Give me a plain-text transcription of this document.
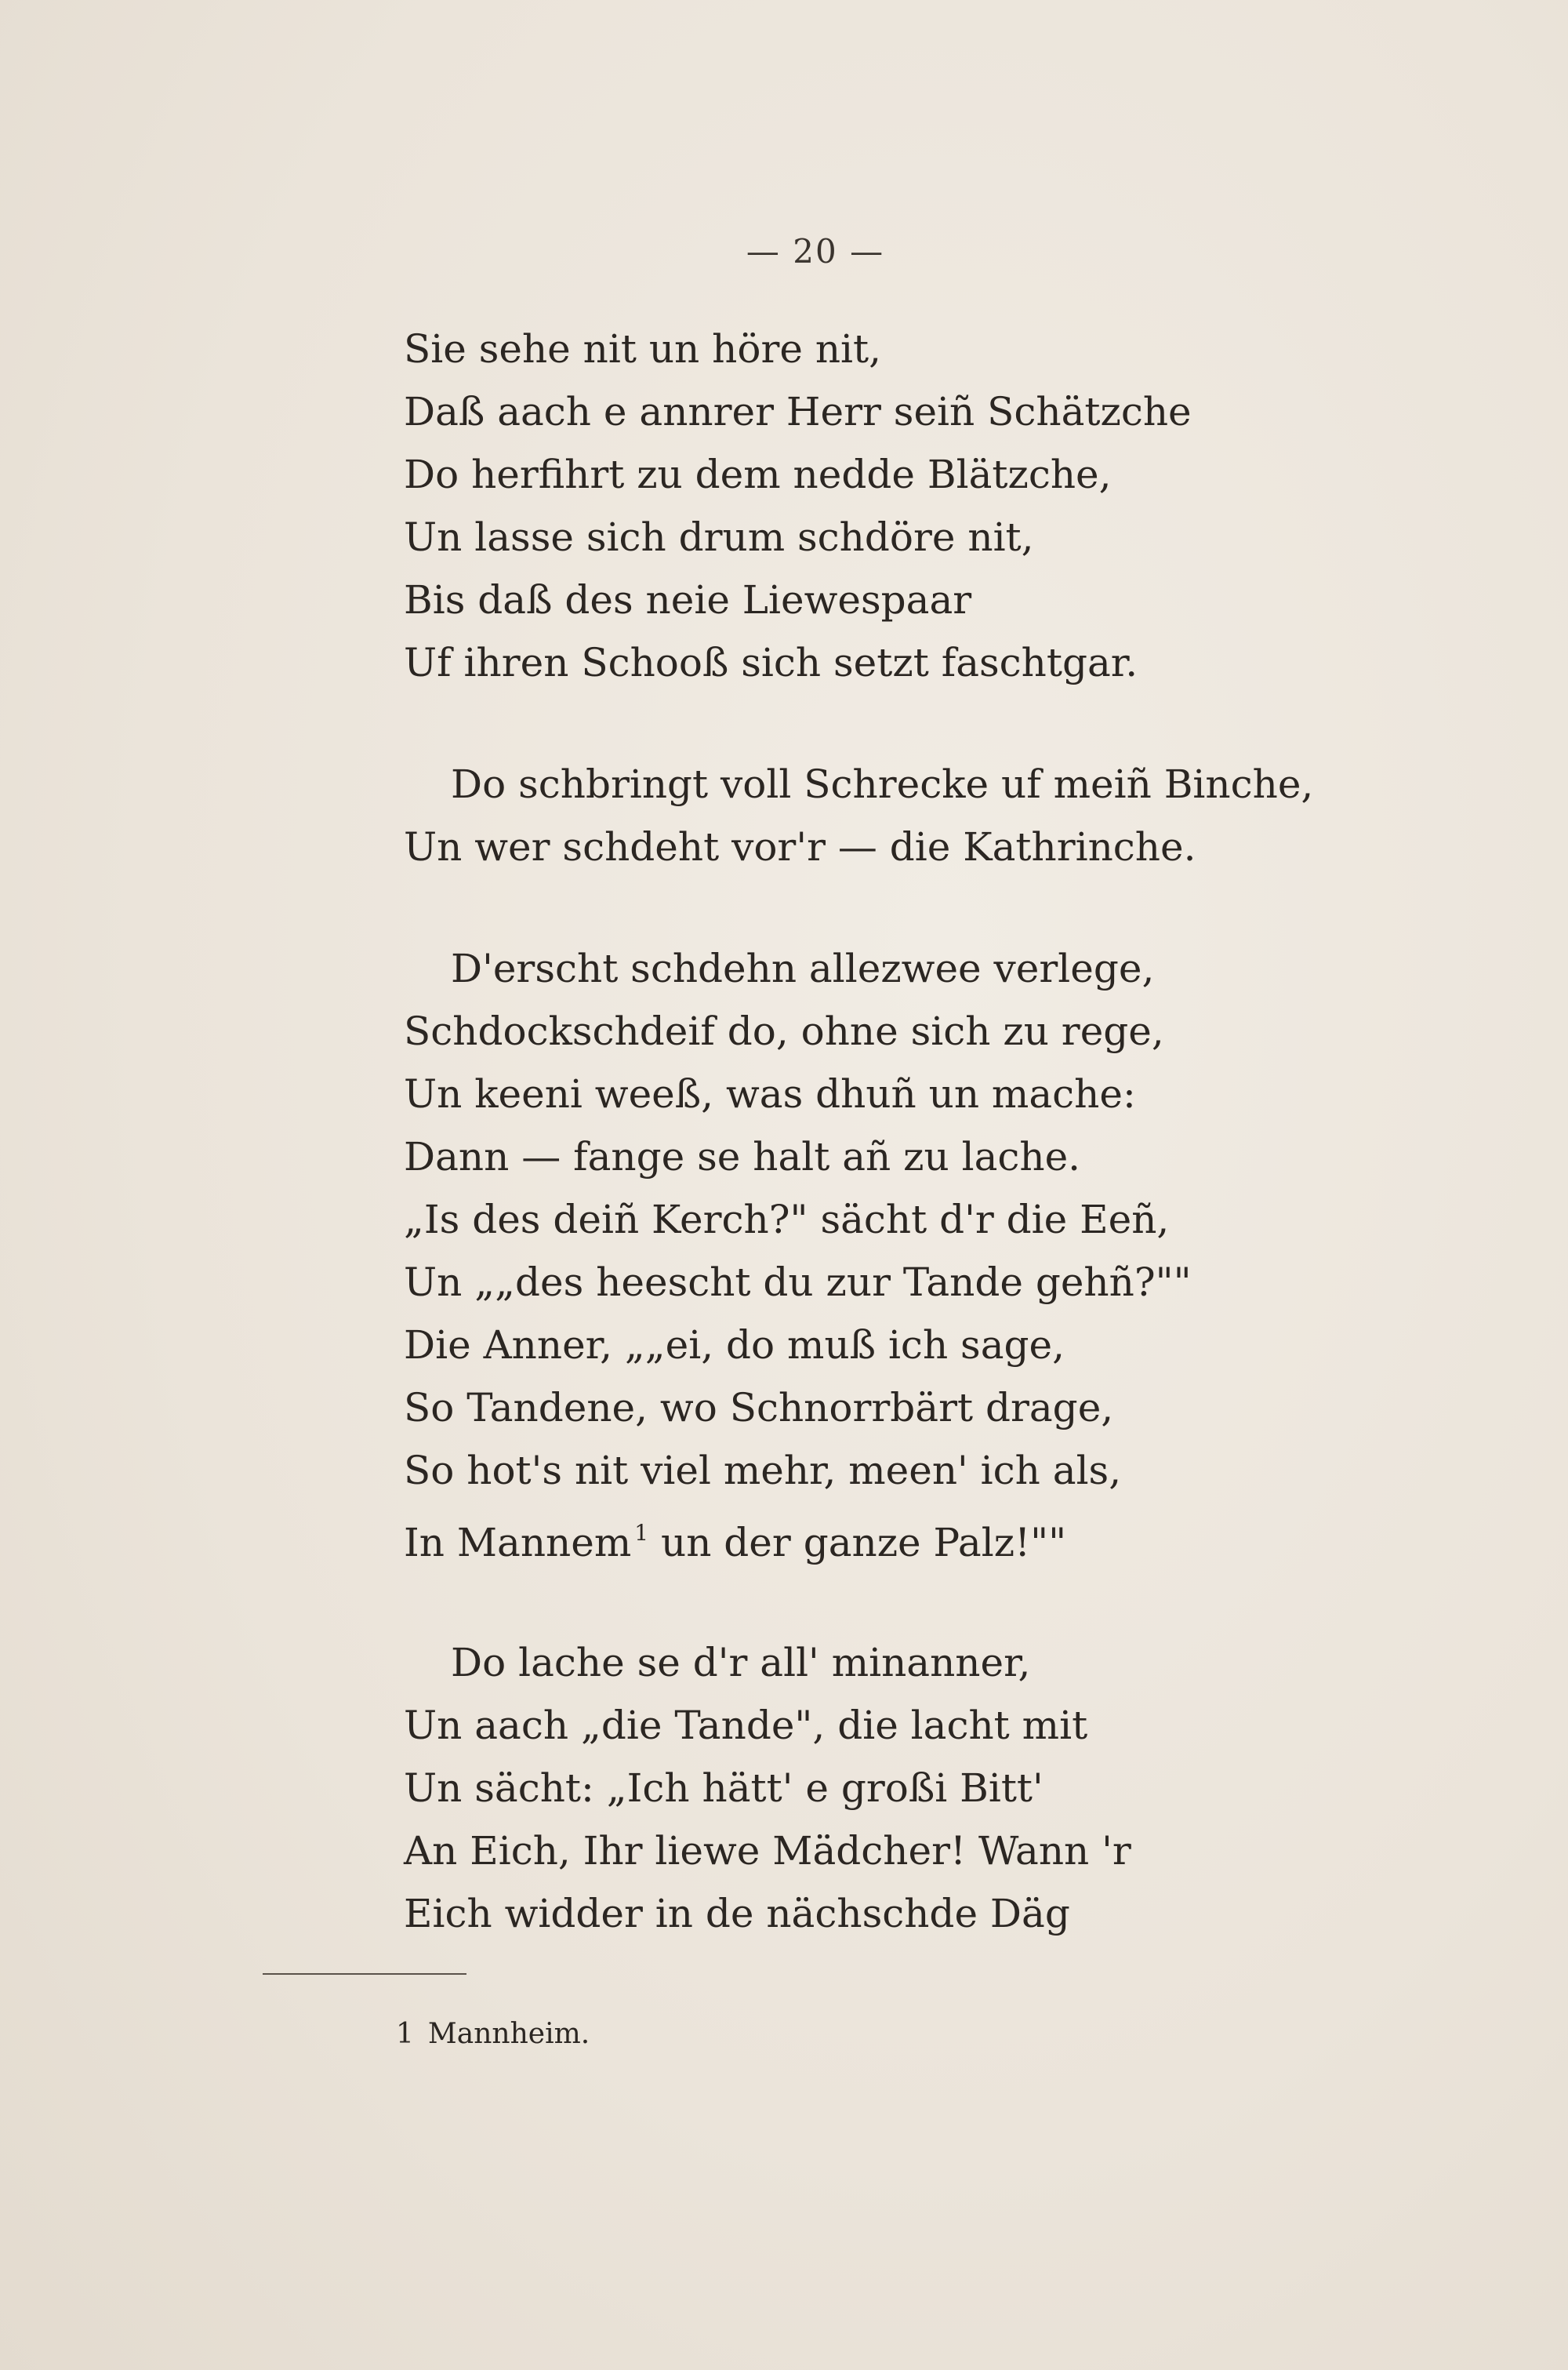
— 20 —
Sie sehe nit un höre nit,
Daß aach e annrer Herr seiñ Schätzche
Do herfihrt zu dem nedde Blätzche,
Un lasse sich drum schdöre nit,
Bis daß des neie Liewespaar
Uf ihren Schooß sich setzt faschtgar.
Do schbringt voll Schrecke uf meiñ Binche,
Un wer schdeht vor'r — die Kathrinche.
D'erscht schdehn allezwee verlege,
Schdockschdeif do, ohne sich zu rege,
Un keeni weeß, was dhuñ un mache:
Dann — fange se halt añ zu lache.
„Is des deiñ Kerch?" sächt d'r die Eeñ,
Un „„des heescht du zur Tande gehñ?""
Die Anner, „„ei, do muß ich sage,
So Tandene, wo Schnorrbärt drage,
So hot's nit viel mehr, meen' ich als,
In Mannem $^1$ un der ganze Palz!""
Do lache se d'r all' minanner,
Un aach „die Tande", die lacht mit
Un sächt: „Ich hätt' e großi Bitt'
An Eich, Ihr liewe Mädcher! Wann 'r
Eich widder in de nächschde Däg
1 Mannheim.
